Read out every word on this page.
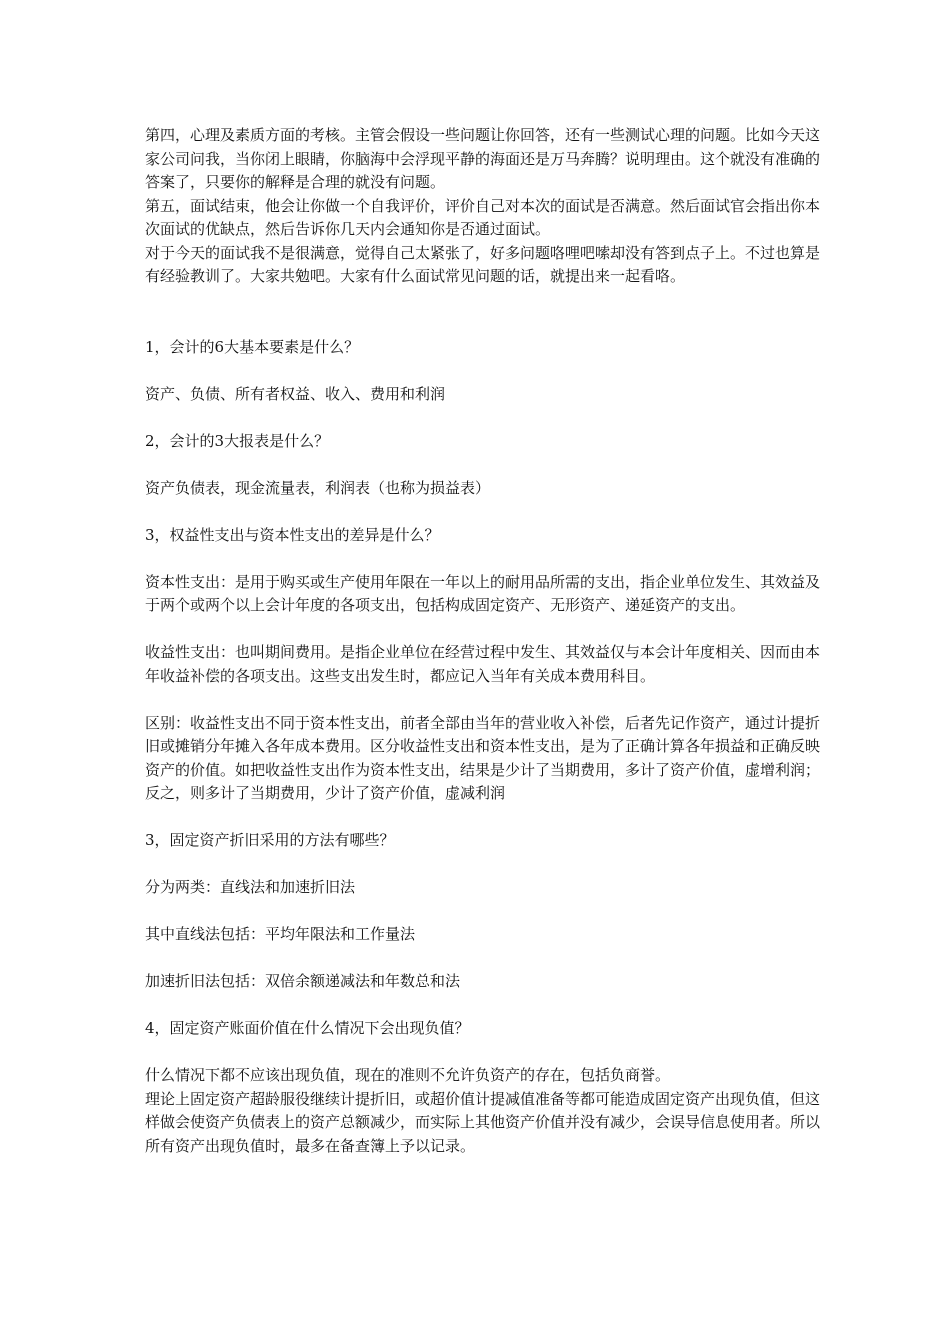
第四，心理及素质方面的考核。主管会假设一些问题让你回答，还有一些测试心理的问题。比如今天这家公司问我，当你闭上眼睛，你脑海中会浮现平静的海面还是万马奔腾？说明理由。这个就没有准确的答案了，只要你的解释是合理的就没有问题。

第五，面试结束，他会让你做一个自我评价，评价自己对本次的面试是否满意。然后面试官会指出你本次面试的优缺点，然后告诉你几天内会通知你是否通过面试。

对于今天的面试我不是很满意，觉得自己太紧张了，好多问题咯哩吧嗦却没有答到点子上。不过也算是有经验教训了。大家共勉吧。大家有什么面试常见问题的话，就提出来一起看咯。

1，会计的6大基本要素是什么？

资产、负债、所有者权益、收入、费用和利润

2，会计的3大报表是什么？

资产负债表，现金流量表，利润表（也称为损益表）

3，权益性支出与资本性支出的差异是什么？

资本性支出：是用于购买或生产使用年限在一年以上的耐用品所需的支出，指企业单位发生、其效益及于两个或两个以上会计年度的各项支出，包括构成固定资产、无形资产、递延资产的支出。

收益性支出：也叫期间费用。是指企业单位在经营过程中发生、其效益仅与本会计年度相关、因而由本年收益补偿的各项支出。这些支出发生时，都应记入当年有关成本费用科目。

区别：收益性支出不同于资本性支出，前者全部由当年的营业收入补偿，后者先记作资产，通过计提折旧或摊销分年摊入各年成本费用。区分收益性支出和资本性支出，是为了正确计算各年损益和正确反映资产的价值。如把收益性支出作为资本性支出，结果是少计了当期费用，多计了资产价值，虚增利润；反之，则多计了当期费用，少计了资产价值，虚减利润

3，固定资产折旧采用的方法有哪些？

分为两类：直线法和加速折旧法

其中直线法包括：平均年限法和工作量法

加速折旧法包括：双倍余额递减法和年数总和法

4，固定资产账面价值在什么情况下会出现负值？

什么情况下都不应该出现负值，现在的准则不允许负资产的存在，包括负商誉。

理论上固定资产超龄服役继续计提折旧，或超价值计提减值准备等都可能造成固定资产出现负值，但这样做会使资产负债表上的资产总额减少，而实际上其他资产价值并没有减少，会误导信息使用者。所以所有资产出现负值时，最多在备查簿上予以记录。
